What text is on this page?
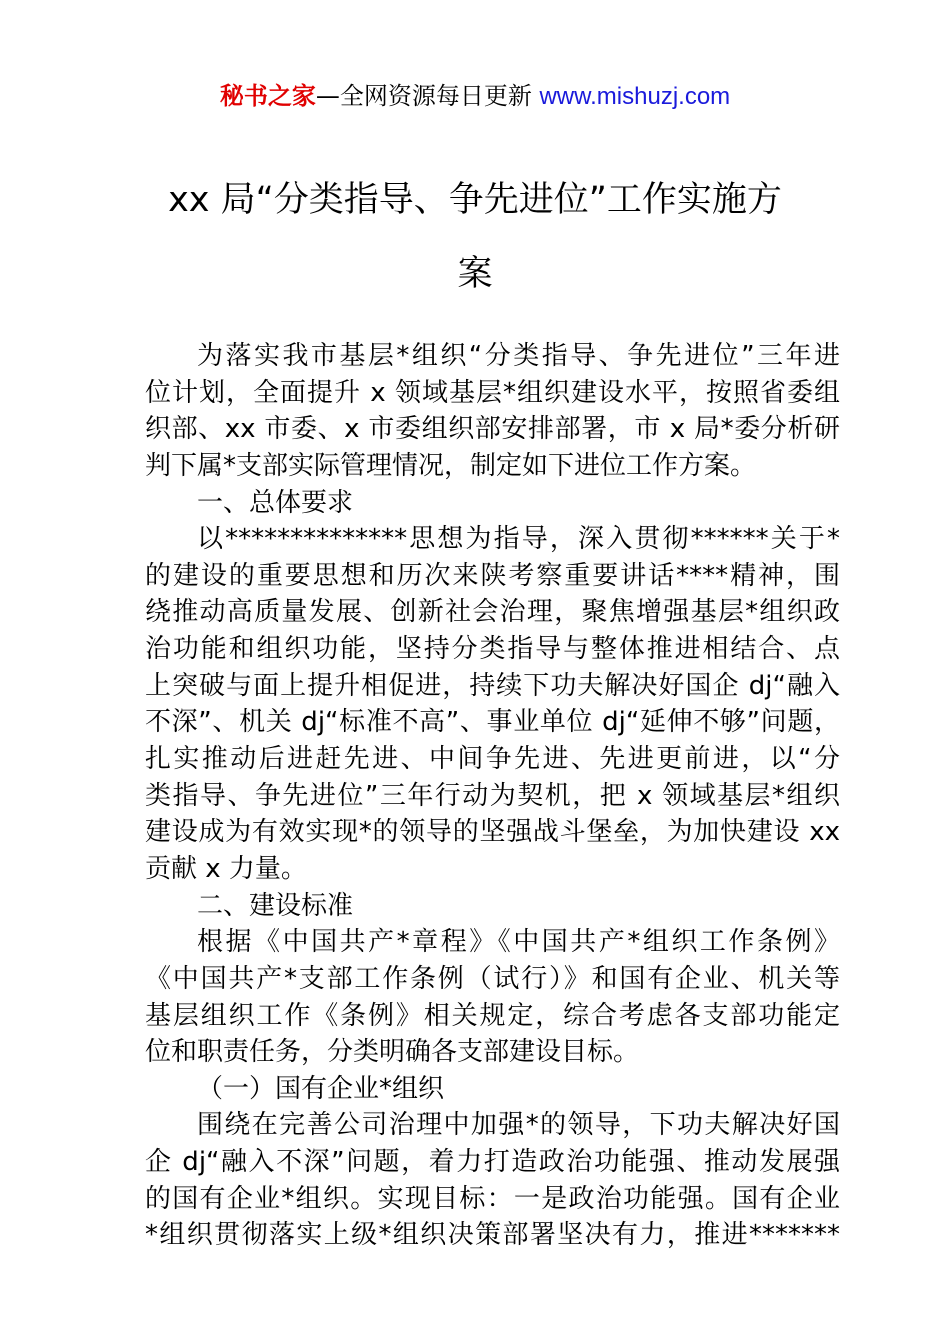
秘书之家—全网资源每日更新 www.mishuzj.com
xx 局“分类指导、争先进位”工作实施方
案
为落实我市基层*组织“分类指导、争先进位”三年进
位计划，全面提升 x 领域基层*组织建设水平，按照省委组
织部、xx 市委、x 市委组织部安排部署，市 x 局*委分析研
判下属*支部实际管理情况，制定如下进位工作方案。
一、总体要求
以**************思想为指导，深入贯彻******关于*
的建设的重要思想和历次来陕考察重要讲话****精神，围
绕推动高质量发展、创新社会治理，聚焦增强基层*组织政
治功能和组织功能，坚持分类指导与整体推进相结合、点
上突破与面上提升相促进，持续下功夫解决好国企 dj“融入
不深”、机关 dj“标准不高”、事业单位 dj“延伸不够”问题，
扎实推动后进赶先进、中间争先进、先进更前进，以“分
类指导、争先进位”三年行动为契机，把 x 领域基层*组织
建设成为有效实现*的领导的坚强战斗堡垒，为加快建设 xx
贡献 x 力量。
二、建设标准
根据《中国共产*章程》《中国共产*组织工作条例》
《中国共产*支部工作条例（试行）》和国有企业、机关等
基层组织工作《条例》相关规定，综合考虑各支部功能定
位和职责任务，分类明确各支部建设目标。
（一）国有企业*组织
围绕在完善公司治理中加强*的领导，下功夫解决好国
企 dj“融入不深”问题，着力打造政治功能强、推动发展强
的国有企业*组织。实现目标：一是政治功能强。国有企业
*组织贯彻落实上级*组织决策部署坚决有力，推进*******
